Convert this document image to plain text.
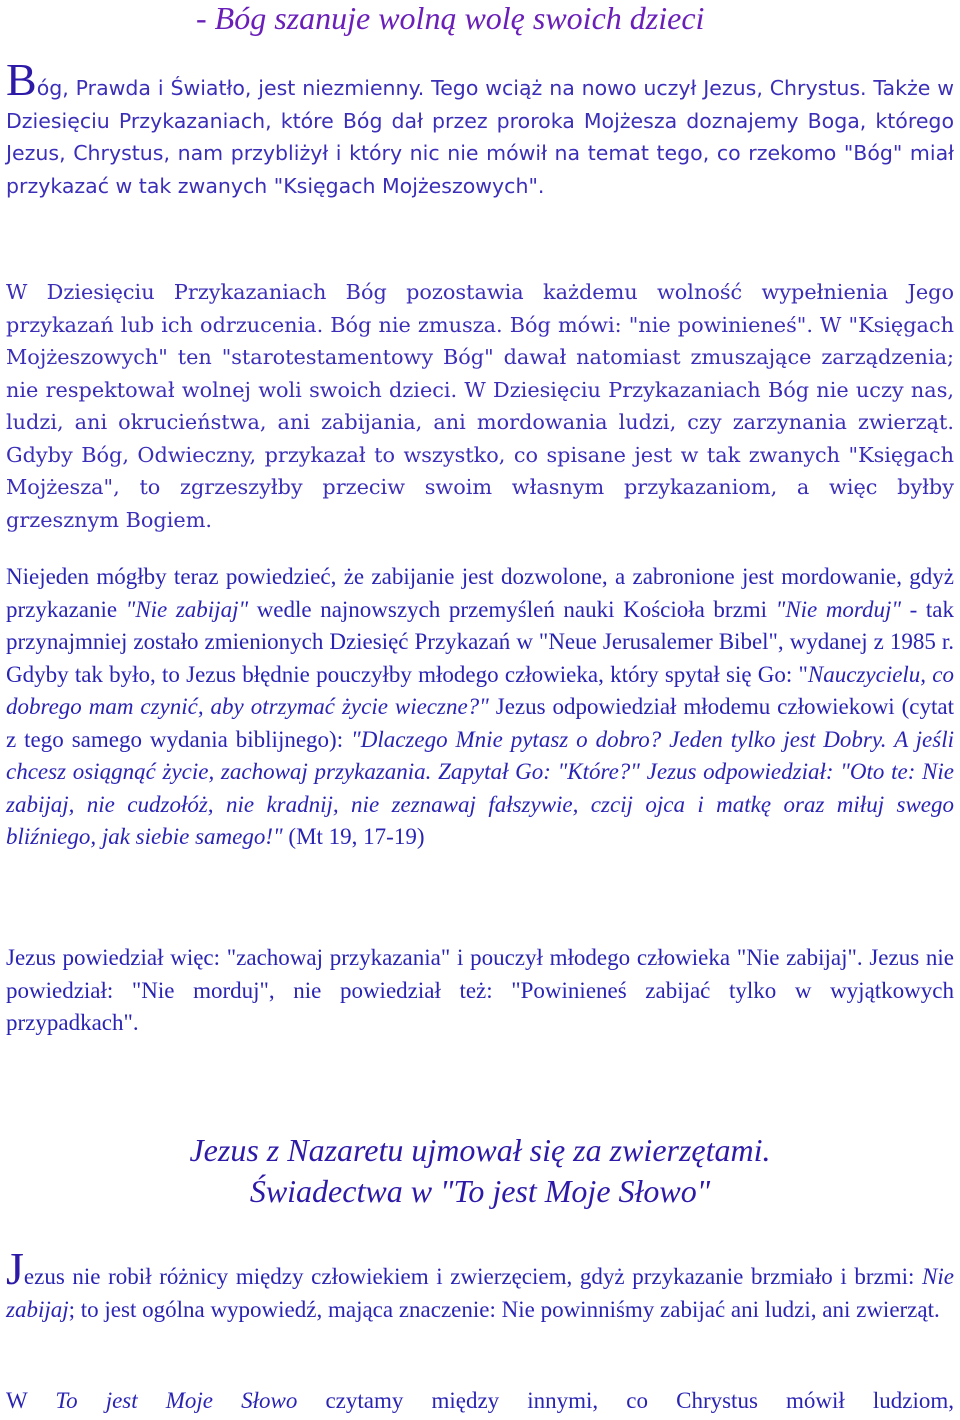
- Bóg szanuje wolną wolę swoich dzieci

Bóg, Prawda i Światło, jest niezmienny. Tego wciąż na nowo uczył Jezus, Chrystus. Także w Dziesięciu Przykazaniach, które Bóg dał przez proroka Mojżesza doznajemy Boga, którego Jezus, Chrystus, nam przybliżył i który nic nie mówił na temat tego, co rzekomo "Bóg" miał przykazać w tak zwanych "Księgach Mojżeszowych".

W Dziesięciu Przykazaniach Bóg pozostawia każdemu wolność wypełnienia Jego przykazań lub ich odrzucenia. Bóg nie zmusza. Bóg mówi: "nie powinieneś". W "Księgach Mojżeszowych" ten "starotestamentowy Bóg" dawał natomiast zmuszające zarządzenia; nie respektował wolnej woli swoich dzieci. W Dziesięciu Przykazaniach Bóg nie uczy nas, ludzi, ani okrucieństwa, ani zabijania, ani mordowania ludzi, czy zarzynania zwierząt. Gdyby Bóg, Odwieczny, przykazał to wszystko, co spisane jest w tak zwanych "Księgach Mojżesza", to zgrzeszyłby przeciw swoim własnym przykazaniom, a więc byłby grzesznym Bogiem.

Niejeden mógłby teraz powiedzieć, że zabijanie jest dozwolone, a zabronione jest mordowanie, gdyż przykazanie "Nie zabijaj" wedle najnowszych przemyśleń nauki Kościoła brzmi "Nie morduj" - tak przynajmniej zostało zmienionych Dziesięć Przykazań w "Neue Jerusalemer Bibel", wydanej z 1985 r. Gdyby tak było, to Jezus błędnie pouczyłby młodego człowieka, który spytał się Go: "Nauczycielu, co dobrego mam czynić, aby otrzymać życie wieczne?" Jezus odpowiedział młodemu człowiekowi (cytat z tego samego wydania biblijnego): "Dlaczego Mnie pytasz o dobro? Jeden tylko jest Dobry. A jeśli chcesz osiągnąć życie, zachowaj przykazania. Zapytał Go: "Które?" Jezus odpowiedział: "Oto te: Nie zabijaj, nie cudzołóż, nie kradnij, nie zeznawaj fałszywie, czcij ojca i matkę oraz miłuj swego bliźniego, jak siebie samego!" (Mt 19, 17-19)

Jezus powiedział więc: "zachowaj przykazania" i pouczył młodego człowieka "Nie zabijaj". Jezus nie powiedział: "Nie morduj", nie powiedział też: "Powinieneś zabijać tylko w wyjątkowych przypadkach".

Jezus z Nazaretu ujmował się za zwierzętami.
Świadectwa w "To jest Moje Słowo"

Jezus nie robił różnicy między człowiekiem i zwierzęciem, gdyż przykazanie brzmiało i brzmi: Nie zabijaj; to jest ogólna wypowiedź, mająca znaczenie: Nie powinniśmy zabijać ani ludzi, ani zwierząt.

W To jest Moje Słowo czytamy między innymi, co Chrystus mówił ludziom,
